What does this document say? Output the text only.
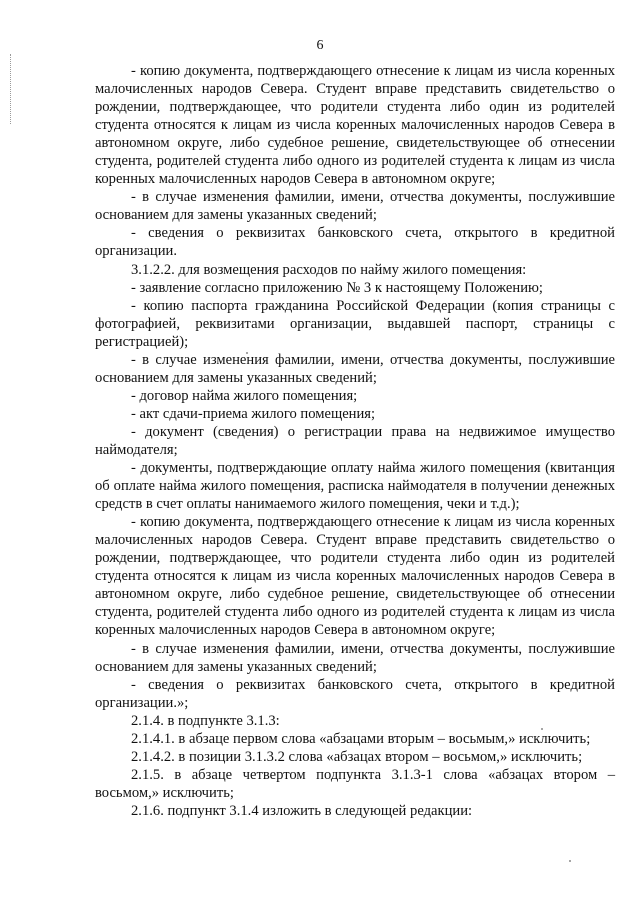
6

- копию документа, подтверждающего отнесение к лицам из числа коренных малочисленных народов Севера. Студент вправе представить свидетельство о рождении, подтверждающее, что родители студента либо один из родителей студента относятся к лицам из числа коренных малочисленных народов Севера в автономном округе, либо судебное решение, свидетельствующее об отнесении студента, родителей студента либо одного из родителей студента к лицам из числа коренных малочисленных народов Севера в автономном округе;

- в случае изменения фамилии, имени, отчества документы, послужившие основанием для замены указанных сведений;

- сведения о реквизитах банковского счета, открытого в кредитной организации.

3.1.2.2. для возмещения расходов по найму жилого помещения:

- заявление согласно приложению № 3 к настоящему Положению;

- копию паспорта гражданина Российской Федерации (копия страницы с фотографией, реквизитами организации, выдавшей паспорт, страницы с регистрацией);

- в случае изменения фамилии, имени, отчества документы, послужившие основанием для замены указанных сведений;

- договор найма жилого помещения;

- акт сдачи-приема жилого помещения;

- документ (сведения) о регистрации права на недвижимое имущество наймодателя;

- документы, подтверждающие оплату найма жилого помещения (квитанция об оплате найма жилого помещения, расписка наймодателя в получении денежных средств в счет оплаты нанимаемого жилого помещения, чеки и т.д.);

- копию документа, подтверждающего отнесение к лицам из числа коренных малочисленных народов Севера. Студент вправе представить свидетельство о рождении, подтверждающее, что родители студента либо один из родителей студента относятся к лицам из числа коренных малочисленных народов Севера в автономном округе, либо судебное решение, свидетельствующее об отнесении студента, родителей студента либо одного из родителей студента к лицам из числа коренных малочисленных народов Севера в автономном округе;

- в случае изменения фамилии, имени, отчества документы, послужившие основанием для замены указанных сведений;

- сведения о реквизитах банковского счета, открытого в кредитной организации.»;

2.1.4. в подпункте 3.1.3:

2.1.4.1. в абзаце первом слова «абзацами вторым – восьмым,» исключить;

2.1.4.2. в позиции 3.1.3.2 слова «абзацах втором – восьмом,» исключить;

2.1.5. в абзаце четвертом подпункта 3.1.3-1 слова «абзацах втором – восьмом,» исключить;

2.1.6. подпункт 3.1.4 изложить в следующей редакции:
